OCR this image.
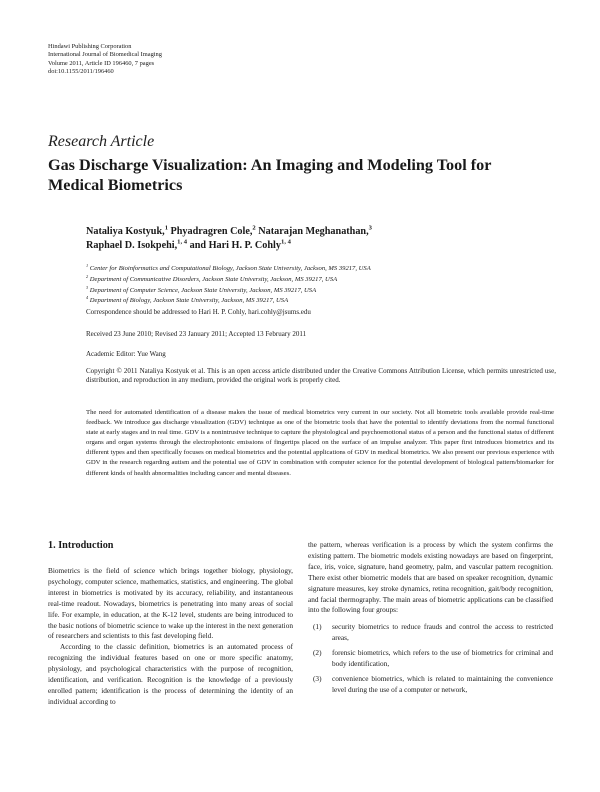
Hindawi Publishing Corporation
International Journal of Biomedical Imaging
Volume 2011, Article ID 196460, 7 pages
doi:10.1155/2011/196460
Research Article
Gas Discharge Visualization: An Imaging and Modeling Tool for Medical Biometrics
Nataliya Kostyuk,$^1$ Phyadragren Cole,$^2$ Natarajan Meghanathan,$^3$
Raphael D. Isokpehi,$^{1, 4}$ and Hari H. P. Cohly$^{1, 4}$
$^1$ Center for Bioinformatics and Computational Biology, Jackson State University, Jackson, MS 39217, USA
$^2$ Department of Communicative Disorders, Jackson State University, Jackson, MS 39217, USA
$^3$ Department of Computer Science, Jackson State University, Jackson, MS 39217, USA
$^4$ Department of Biology, Jackson State University, Jackson, MS 39217, USA
Correspondence should be addressed to Hari H. P. Cohly, hari.cohly@jsums.edu
Received 23 June 2010; Revised 23 January 2011; Accepted 13 February 2011
Academic Editor: Yue Wang
Copyright © 2011 Nataliya Kostyuk et al. This is an open access article distributed under the Creative Commons Attribution License, which permits unrestricted use, distribution, and reproduction in any medium, provided the original work is properly cited.
The need for automated identification of a disease makes the issue of medical biometrics very current in our society. Not all biometric tools available provide real-time feedback. We introduce gas discharge visualization (GDV) technique as one of the biometric tools that have the potential to identify deviations from the normal functional state at early stages and in real time. GDV is a nonintrusive technique to capture the physiological and psychoemotional status of a person and the functional status of different organs and organ systems through the electrophotonic emissions of fingertips placed on the surface of an impulse analyzer. This paper first introduces biometrics and its different types and then specifically focuses on medical biometrics and the potential applications of GDV in medical biometrics. We also present our previous experience with GDV in the research regarding autism and the potential use of GDV in combination with computer science for the potential development of biological pattern/biomarker for different kinds of health abnormalities including cancer and mental diseases.
1. Introduction

Biometrics is the field of science which brings together biology, physiology, psychology, computer science, mathematics, statistics, and engineering. The global interest in biometrics is motivated by its accuracy, reliability, and instantaneous real-time readout. Nowadays, biometrics is penetrating into many areas of social life. For example, in education, at the K-12 level, students are being introduced to the basic notions of biometric science to wake up the interest in the next generation of researchers and scientists to this fast developing field.

According to the classic definition, biometrics is an automated process of recognizing the individual features based on one or more specific anatomy, physiology, and psychological characteristics with the purpose of recognition, identification, and verification. Recognition is the knowledge of a previously enrolled pattern; identification is the process of determining the identity of an individual according to

the pattern, whereas verification is a process by which the system confirms the existing pattern. The biometric models existing nowadays are based on fingerprint, face, iris, voice, signature, hand geometry, palm, and vascular pattern recognition. There exist other biometric models that are based on speaker recognition, dynamic signature measures, key stroke dynamics, retina recognition, gait/body recognition, and facial thermography. The main areas of biometric applications can be classified into the following four groups:

(1) security biometrics to reduce frauds and control the access to restricted areas,
(2) forensic biometrics, which refers to the use of biometrics for criminal and body identification,
(3) convenience biometrics, which is related to maintaining the convenience level during the use of a computer or network,
